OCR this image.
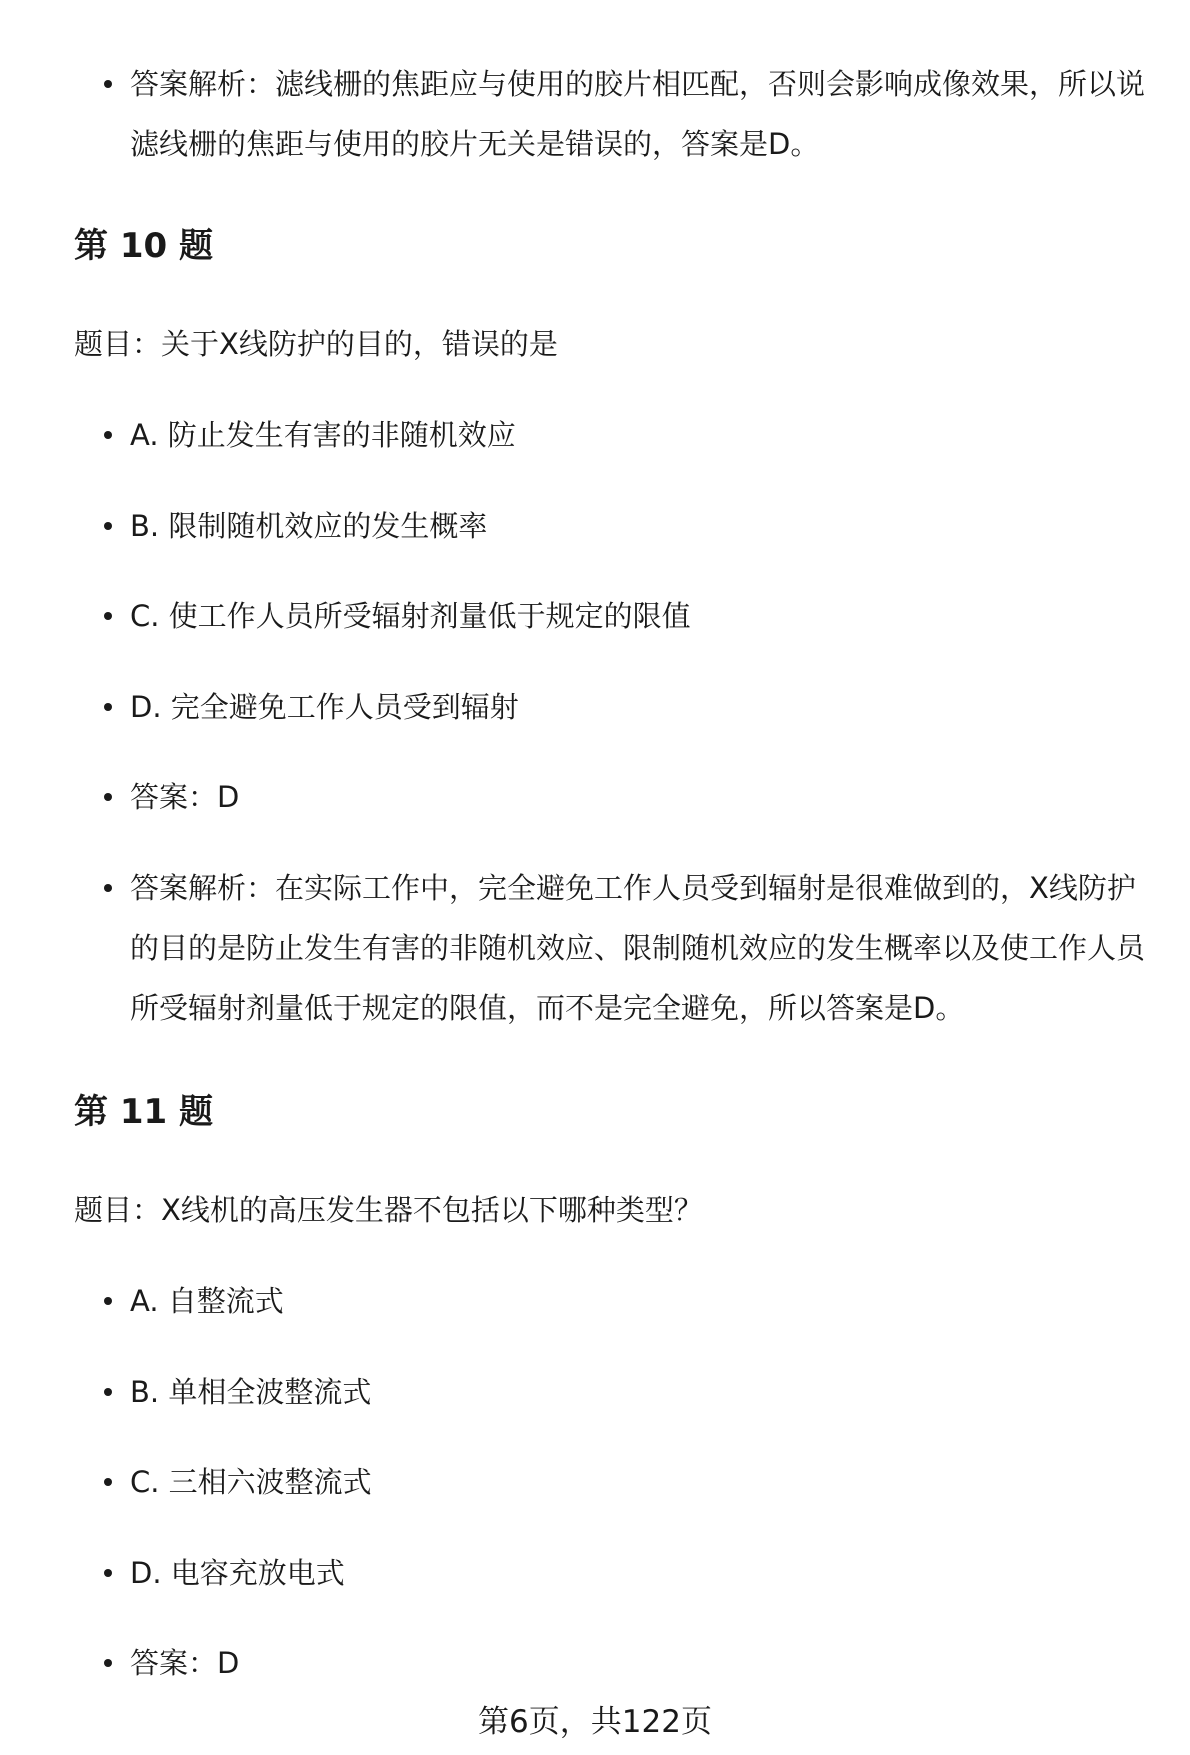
答案解析：滤线栅的焦距应与使用的胶片相匹配，否则会影响成像效果，所以说滤线栅的焦距与使用的胶片无关是错误的，答案是D。

第 10 题

题目：关于X线防护的目的，错误的是

A. 防止发生有害的非随机效应

B. 限制随机效应的发生概率

C. 使工作人员所受辐射剂量低于规定的限值

D. 完全避免工作人员受到辐射

答案：D

答案解析：在实际工作中，完全避免工作人员受到辐射是很难做到的，X线防护的目的是防止发生有害的非随机效应、限制随机效应的发生概率以及使工作人员所受辐射剂量低于规定的限值，而不是完全避免，所以答案是D。

第 11 题

题目：X线机的高压发生器不包括以下哪种类型？

A. 自整流式

B. 单相全波整流式

C. 三相六波整流式

D. 电容充放电式

答案：D

第6页，共122页
